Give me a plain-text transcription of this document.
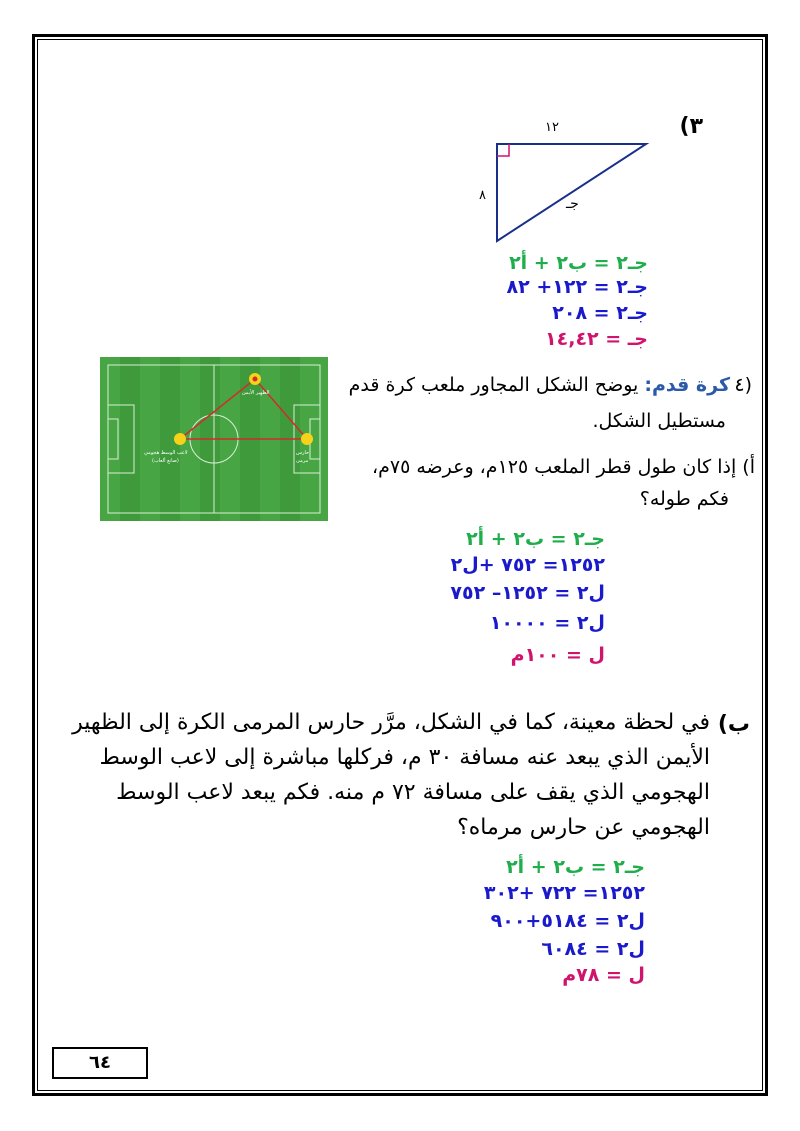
(٣
١٢
٨
جـ
جـ٢ = ب٢ + أ٢
جـ٢ = ١٢٢+ ٨٢
جـ٢ = ٢٠٨
جـ = ١٤,٤٢
الظهير الأيمن
لاعب الوسط هجومي
(صانع ألعاب)
حارس
مرمى
٤)
كرة قدم: يوضح الشكل المجاور ملعب كرة قدم
مستطيل الشكل.
أ) إذا كان طول قطر الملعب ١٢٥م، وعرضه ٧٥م،
فكم طوله؟
جـ٢ = ب٢ + أ٢
١٢٥٢= ٧٥٢ +ل٢
ل٢ = ١٢٥٢– ٧٥٢
ل٢ = ١٠٠٠٠
ل = ١٠٠م
ب)
في لحظة معينة، كما في الشكل، مرَّر حارس المرمى الكرة إلى الظهير
الأيمن الذي يبعد عنه مسافة ٣٠ م، فركلها مباشرة إلى لاعب الوسط
الهجومي الذي يقف على مسافة ٧٢ م منه. فكم يبعد لاعب الوسط
الهجومي عن حارس مرماه؟
جـ٢ = ب٢ + أ٢
١٢٥٢= ٧٢٢ +٣٠٢
ل٢ = ٥١٨٤+٩٠٠
ل٢ = ٦٠٨٤
ل = ٧٨م
٦٤
